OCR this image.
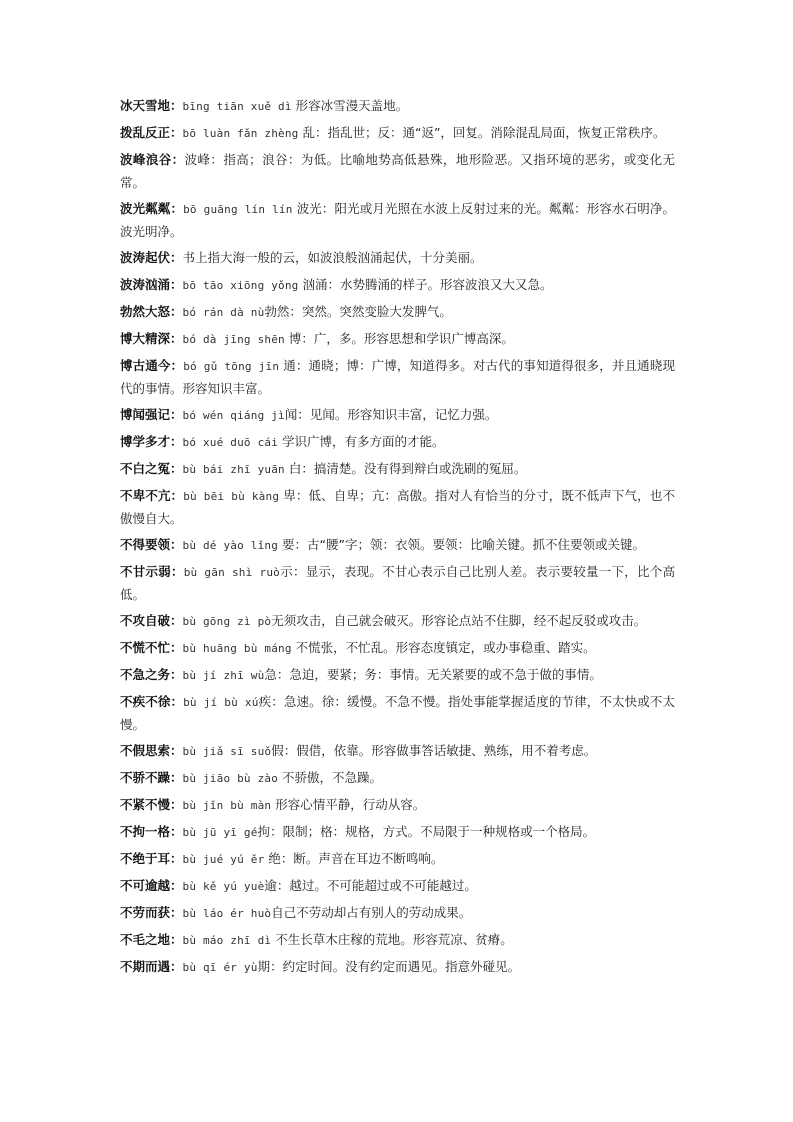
冰天雪地：bīng tiān xuě dì 形容冰雪漫天盖地。

拨乱反正：bō luàn fǎn zhèng 乱：指乱世；反：通“返”，回复。消除混乱局面，恢复正常秩序。

波峰浪谷：波峰：指高；浪谷：为低。比喻地势高低悬殊，地形险恶。又指环境的恶劣，或变化无常。

波光粼粼：bō guāng lín lín 波光：阳光或月光照在水波上反射过来的光。粼粼：形容水石明净。波光明净。

波涛起伏：书上指大海一般的云，如波浪般汹涌起伏，十分美丽。

波涛汹涌：bō tāo xiōng yǒng 汹涌：水势腾涌的样子。形容波浪又大又急。

勃然大怒：bó rán dà nù勃然：突然。突然变脸大发脾气。

博大精深：bó dà jīng shēn 博：广，多。形容思想和学识广博高深。

博古通今：bó gǔ tōng jīn 通：通晓；博：广博，知道得多。对古代的事知道得很多，并且通晓现代的事情。形容知识丰富。

博闻强记：bó wén qiáng jì闻：见闻。形容知识丰富，记忆力强。

博学多才：bó xué duō cái 学识广博，有多方面的才能。

不白之冤：bù bái zhī yuān 白：搞清楚。没有得到辩白或洗刷的冤屈。

不卑不亢：bù bēi bù kàng 卑：低、自卑；亢：高傲。指对人有恰当的分寸，既不低声下气，也不傲慢自大。

不得要领：bù dé yào lǐng 要：古“腰”字；领：衣领。要领：比喻关键。抓不住要领或关键。

不甘示弱：bù gān shì ruò示：显示，表现。不甘心表示自己比别人差。表示要较量一下，比个高低。

不攻自破：bù gōng zì pò无须攻击，自己就会破灭。形容论点站不住脚，经不起反驳或攻击。

不慌不忙：bù huāng bù máng 不慌张，不忙乱。形容态度镇定，或办事稳重、踏实。

不急之务：bù jí zhī wù急：急迫，要紧；务：事情。无关紧要的或不急于做的事情。

不疾不徐：bù jí bù xú疾：急速。徐：缓慢。不急不慢。指处事能掌握适度的节律，不太快或不太慢。

不假思索：bù jiǎ sī suǒ假：假借，依靠。形容做事答话敏捷、熟练，用不着考虑。

不骄不躁：bù jiāo bù zào 不骄傲，不急躁。

不紧不慢：bù jǐn bù màn 形容心情平静，行动从容。

不拘一格：bù jū yī gé拘：限制；格：规格，方式。不局限于一种规格或一个格局。

不绝于耳：bù jué yú ěr 绝：断。声音在耳边不断鸣响。

不可逾越：bù kě yú yuè逾：越过。不可能超过或不可能越过。

不劳而获：bù láo ér huò自己不劳动却占有别人的劳动成果。

不毛之地：bù máo zhī dì 不生长草木庄稼的荒地。形容荒凉、贫瘠。

不期而遇：bù qī ér yù期：约定时间。没有约定而遇见。指意外碰见。
